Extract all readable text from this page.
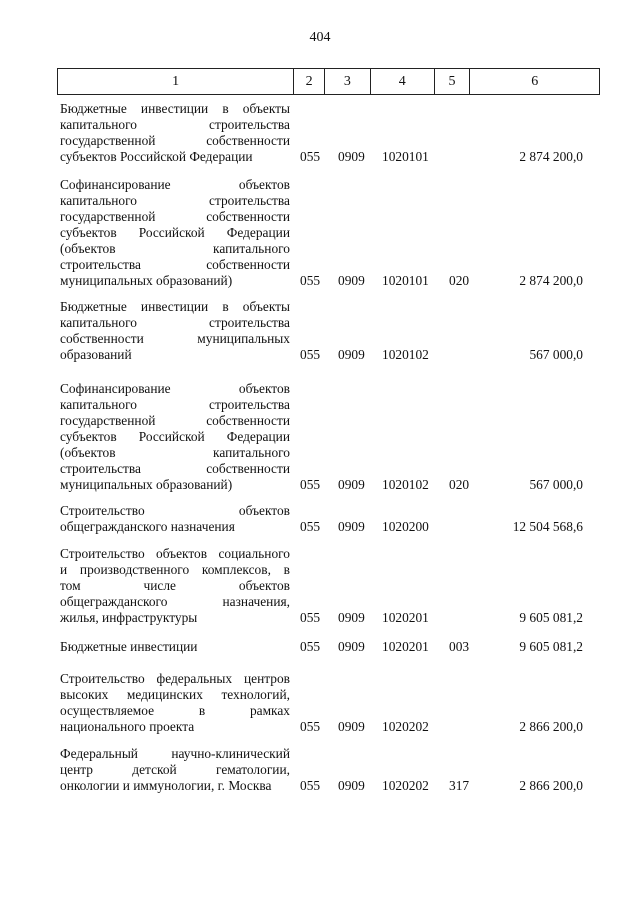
404
1	2	3	4	5	6
Бюджетные инвестиции в объекты
капитального строительства
государственной собственности
субъектов Российской Федерации	055 0909 1020101	2 874 200,0
Софинансирование объектов
капитального строительства
государственной собственности
субъектов Российской Федерации
(объектов капитального
строительства собственности
муниципальных образований)	055 0909 1020101 020	2 874 200,0
Бюджетные инвестиции в объекты
капитального строительства
собственности муниципальных
образований	055 0909 1020102	567 000,0
Софинансирование объектов
капитального строительства
государственной собственности
субъектов Российской Федерации
(объектов капитального
строительства собственности
муниципальных образований)	055 0909 1020102 020	567 000,0
Строительство объектов
общегражданского назначения	055 0909 1020200	12 504 568,6
Строительство объектов социального
и производственного комплексов, в
том числе объектов
общегражданского назначения,
жилья, инфраструктуры	055 0909 1020201	9 605 081,2
Бюджетные инвестиции	055 0909 1020201 003	9 605 081,2
Строительство федеральных центров
высоких медицинских технологий,
осуществляемое в рамках
национального проекта	055 0909 1020202	2 866 200,0
Федеральный научно-клинический
центр детской гематологии,
онкологии и иммунологии, г. Москва	055 0909 1020202 317	2 866 200,0
